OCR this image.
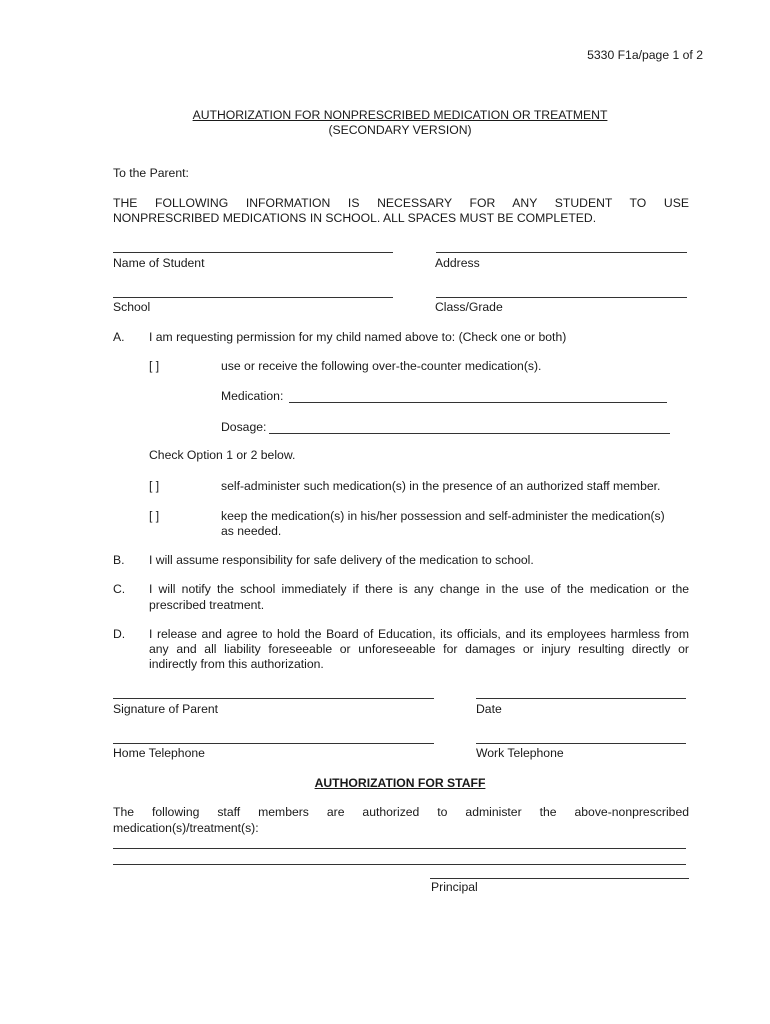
5330 F1a/page 1 of 2
AUTHORIZATION FOR NONPRESCRIBED MEDICATION OR TREATMENT
(SECONDARY VERSION)
To the Parent:
THE FOLLOWING INFORMATION IS NECESSARY FOR ANY STUDENT TO USE
NONPRESCRIBED MEDICATIONS IN SCHOOL. ALL SPACES MUST BE COMPLETED.
Name of Student	Address
School	Class/Grade
A. I am requesting permission for my child named above to: (Check one or both)
[ ]	use or receive the following over-the-counter medication(s).
Medication:
Dosage:
Check Option 1 or 2 below.
[ ]	self-administer such medication(s) in the presence of an authorized staff member.
[ ]	keep the medication(s) in his/her possession and self-administer the medication(s)
as needed.
B. I will assume responsibility for safe delivery of the medication to school.
C. I will notify the school immediately if there is any change in the use of the medication or the
prescribed treatment.
D. I release and agree to hold the Board of Education, its officials, and its employees harmless from
any and all liability foreseeable or unforeseeable for damages or injury resulting directly or
indirectly from this authorization.
Signature of Parent	Date
Home Telephone	Work Telephone
AUTHORIZATION FOR STAFF
The following staff members are authorized to administer the above-nonprescribed
medication(s)/treatment(s):
Principal
